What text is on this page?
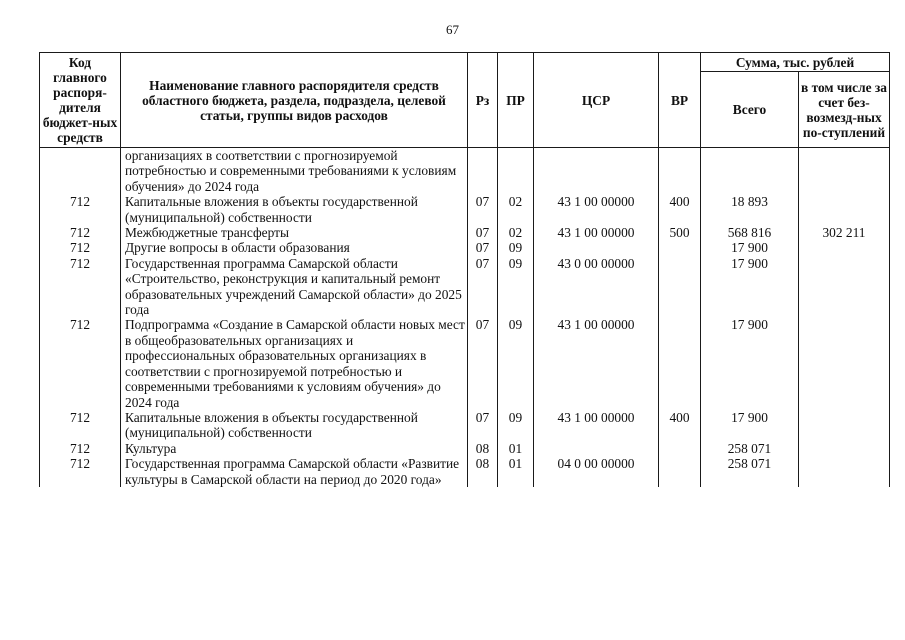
67
Код главного распоря-дителя бюджет-ных средств	Наименование главного распорядителя средств областного бюджета, раздела, подраздела, целевой статьи, группы видов расходов	Рз	ПР	ЦСР	ВР	Сумма, тыс. рублей	
						Всего	в том числе за счет без-возмезд-ных по-ступлений
	организациях в соответствии с прогнозируемой потребностью и современными требованиями к условиям обучения» до 2024 года						
712	Капитальные вложения в объекты государственной (муниципальной) собственности	07	02	43 1 00 00000	400	18 893	
712	Межбюджетные трансферты	07	02	43 1 00 00000	500	568 816	302 211
712	Другие вопросы в области образования	07	09			17 900	
712	Государственная программа Самарской области «Строительство, реконструкция и капитальный ремонт образовательных учреждений Самарской области» до 2025 года	07	09	43 0 00 00000		17 900	
712	Подпрограмма «Создание в Самарской области новых мест в общеобразовательных организациях и профессиональных образовательных организациях в соответствии с прогнозируемой потребностью и современными требованиями к условиям обучения» до 2024 года	07	09	43 1 00 00000		17 900	
712	Капитальные вложения в объекты государственной (муниципальной) собственности	07	09	43 1 00 00000	400	17 900	
712	Культура	08	01			258 071	
712	Государственная программа Самарской области «Развитие культуры в Самарской области на период до 2020 года»	08	01	04 0 00 00000		258 071	
